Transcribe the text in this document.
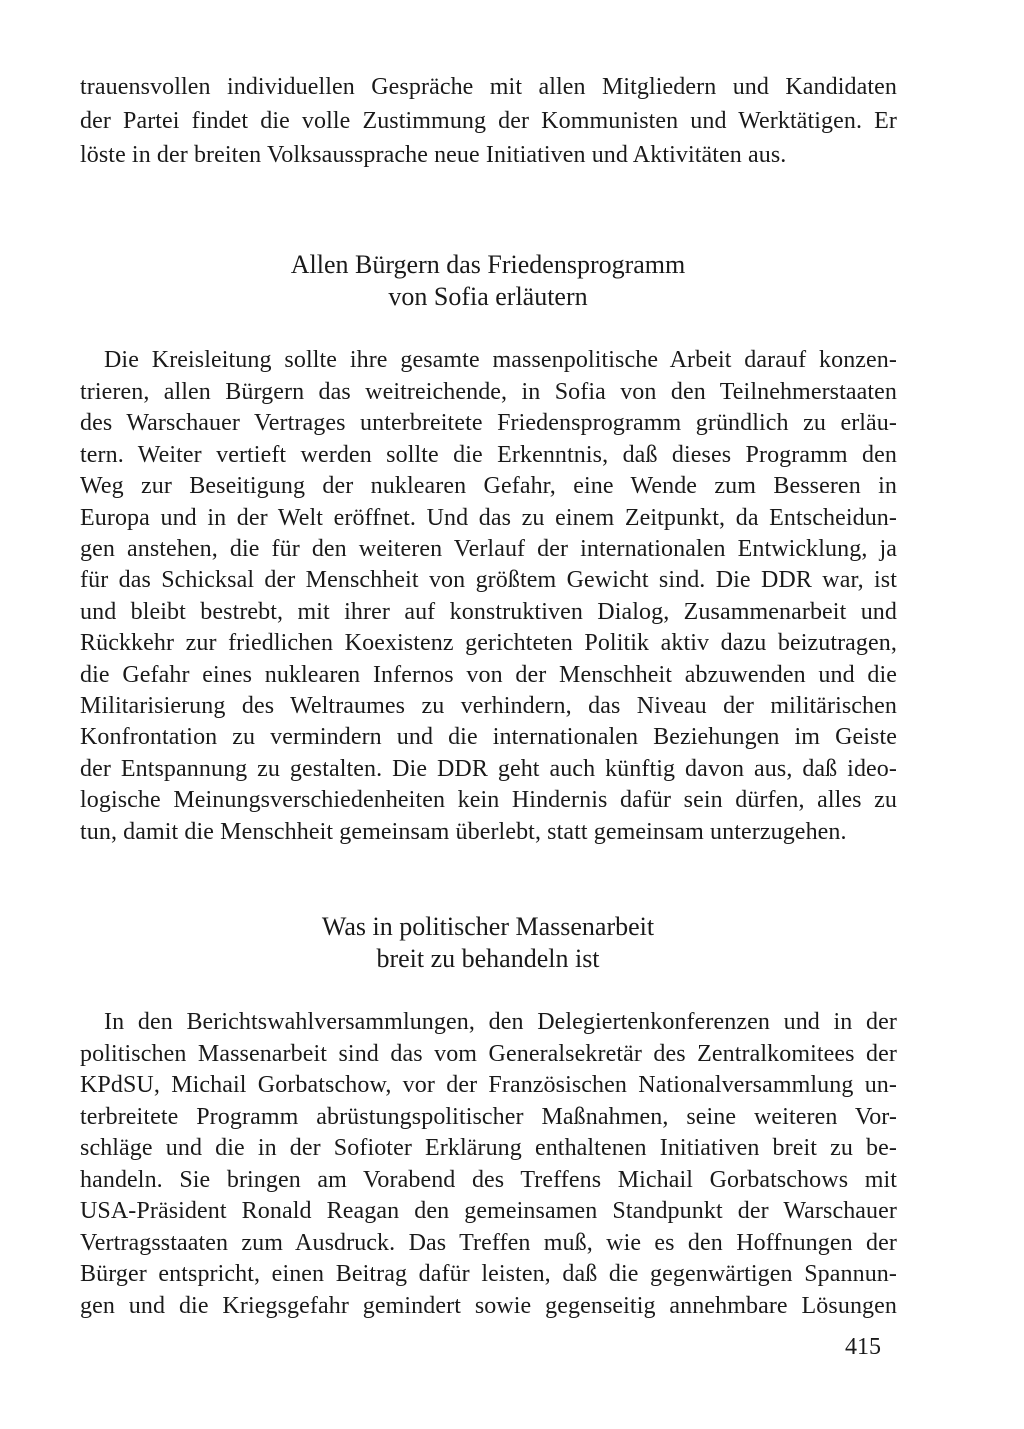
trauensvollen individuellen Gespräche mit allen Mitgliedern und Kandidaten
der Partei findet die volle Zustimmung der Kommunisten und Werktätigen. Er
löste in der breiten Volksaussprache neue Initiativen und Aktivitäten aus.
Allen Bürgern das Friedensprogramm
von Sofia erläutern
Die Kreisleitung sollte ihre gesamte massenpolitische Arbeit darauf konzen-
trieren, allen Bürgern das weitreichende, in Sofia von den Teilnehmerstaaten
des Warschauer Vertrages unterbreitete Friedensprogramm gründlich zu erläu-
tern. Weiter vertieft werden sollte die Erkenntnis, daß dieses Programm den
Weg zur Beseitigung der nuklearen Gefahr, eine Wende zum Besseren in
Europa und in der Welt eröffnet. Und das zu einem Zeitpunkt, da Entscheidun-
gen anstehen, die für den weiteren Verlauf der internationalen Entwicklung, ja
für das Schicksal der Menschheit von größtem Gewicht sind. Die DDR war, ist
und bleibt bestrebt, mit ihrer auf konstruktiven Dialog, Zusammenarbeit und
Rückkehr zur friedlichen Koexistenz gerichteten Politik aktiv dazu beizutragen,
die Gefahr eines nuklearen Infernos von der Menschheit abzuwenden und die
Militarisierung des Weltraumes zu verhindern, das Niveau der militärischen
Konfrontation zu vermindern und die internationalen Beziehungen im Geiste
der Entspannung zu gestalten. Die DDR geht auch künftig davon aus, daß ideo-
logische Meinungsverschiedenheiten kein Hindernis dafür sein dürfen, alles zu
tun, damit die Menschheit gemeinsam überlebt, statt gemeinsam unterzugehen.
Was in politischer Massenarbeit
breit zu behandeln ist
In den Berichtswahlversammlungen, den Delegiertenkonferenzen und in der
politischen Massenarbeit sind das vom Generalsekretär des Zentralkomitees der
KPdSU, Michail Gorbatschow, vor der Französischen Nationalversammlung un-
terbreitete Programm abrüstungspolitischer Maßnahmen, seine weiteren Vor-
schläge und die in der Sofioter Erklärung enthaltenen Initiativen breit zu be-
handeln. Sie bringen am Vorabend des Treffens Michail Gorbatschows mit
USA-Präsident Ronald Reagan den gemeinsamen Standpunkt der Warschauer
Vertragsstaaten zum Ausdruck. Das Treffen muß, wie es den Hoffnungen der
Bürger entspricht, einen Beitrag dafür leisten, daß die gegenwärtigen Spannun-
gen und die Kriegsgefahr gemindert sowie gegenseitig annehmbare Lösungen
415
